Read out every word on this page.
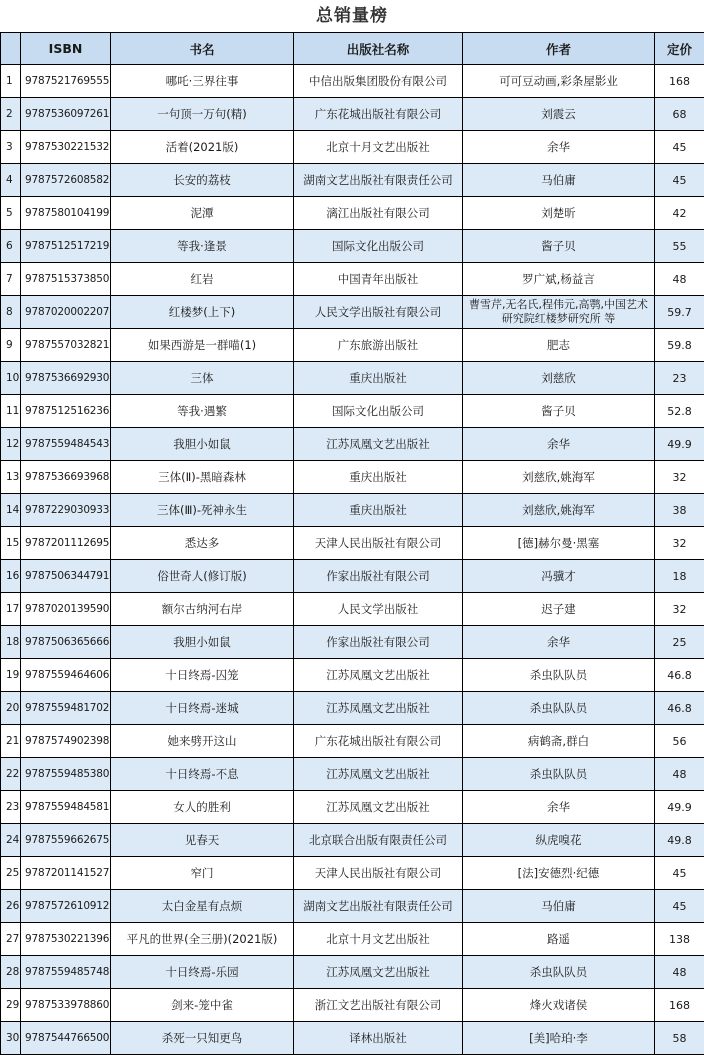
总销量榜
	ISBN	书名	出版社名称	作者	定价
1	9787521769555	哪吒·三界往事	中信出版集团股份有限公司	可可豆动画,彩条屋影业	168
2	9787536097261	一句顶一万句(精)	广东花城出版社有限公司	刘震云	68
3	9787530221532	活着(2021版)	北京十月文艺出版社	余华	45
4	9787572608582	长安的荔枝	湖南文艺出版社有限责任公司	马伯庸	45
5	9787580104199	泥潭	漓江出版社有限公司	刘楚昕	42
6	9787512517219	等我·逢景	国际文化出版公司	酱子贝	55
7	9787515373850	红岩	中国青年出版社	罗广斌,杨益言	48
8	9787020002207	红楼梦(上下)	人民文学出版社有限公司	曹雪芹,无名氏,程伟元,高鹗,中国艺术研究院红楼梦研究所 等	59.7
9	9787557032821	如果西游是一群喵(1)	广东旅游出版社	肥志	59.8
10	9787536692930	三体	重庆出版社	刘慈欣	23
11	9787512516236	等我·遇繁	国际文化出版公司	酱子贝	52.8
12	9787559484543	我胆小如鼠	江苏凤凰文艺出版社	余华	49.9
13	9787536693968	三体(Ⅱ)-黑暗森林	重庆出版社	刘慈欣,姚海军	32
14	9787229030933	三体(Ⅲ)-死神永生	重庆出版社	刘慈欣,姚海军	38
15	9787201112695	悉达多	天津人民出版社有限公司	[德]赫尔曼·黑塞	32
16	9787506344791	俗世奇人(修订版)	作家出版社有限公司	冯骥才	18
17	9787020139590	额尔古纳河右岸	人民文学出版社	迟子建	32
18	9787506365666	我胆小如鼠	作家出版社有限公司	余华	25
19	9787559464606	十日终焉-囚笼	江苏凤凰文艺出版社	杀虫队队员	46.8
20	9787559481702	十日终焉-迷城	江苏凤凰文艺出版社	杀虫队队员	46.8
21	9787574902398	她来劈开这山	广东花城出版社有限公司	病鹤斋,群白	56
22	9787559485380	十日终焉-不息	江苏凤凰文艺出版社	杀虫队队员	48
23	9787559484581	女人的胜利	江苏凤凰文艺出版社	余华	49.9
24	9787559662675	见春天	北京联合出版有限责任公司	纵虎嗅花	49.8
25	9787201141527	窄门	天津人民出版社有限公司	[法]安德烈·纪德	45
26	9787572610912	太白金星有点烦	湖南文艺出版社有限责任公司	马伯庸	45
27	9787530221396	平凡的世界(全三册)(2021版)	北京十月文艺出版社	路遥	138
28	9787559485748	十日终焉-乐园	江苏凤凰文艺出版社	杀虫队队员	48
29	9787533978860	剑来-笼中雀	浙江文艺出版社有限公司	烽火戏诸侯	168
30	9787544766500	杀死一只知更鸟	译林出版社	[美]哈珀·李	58
